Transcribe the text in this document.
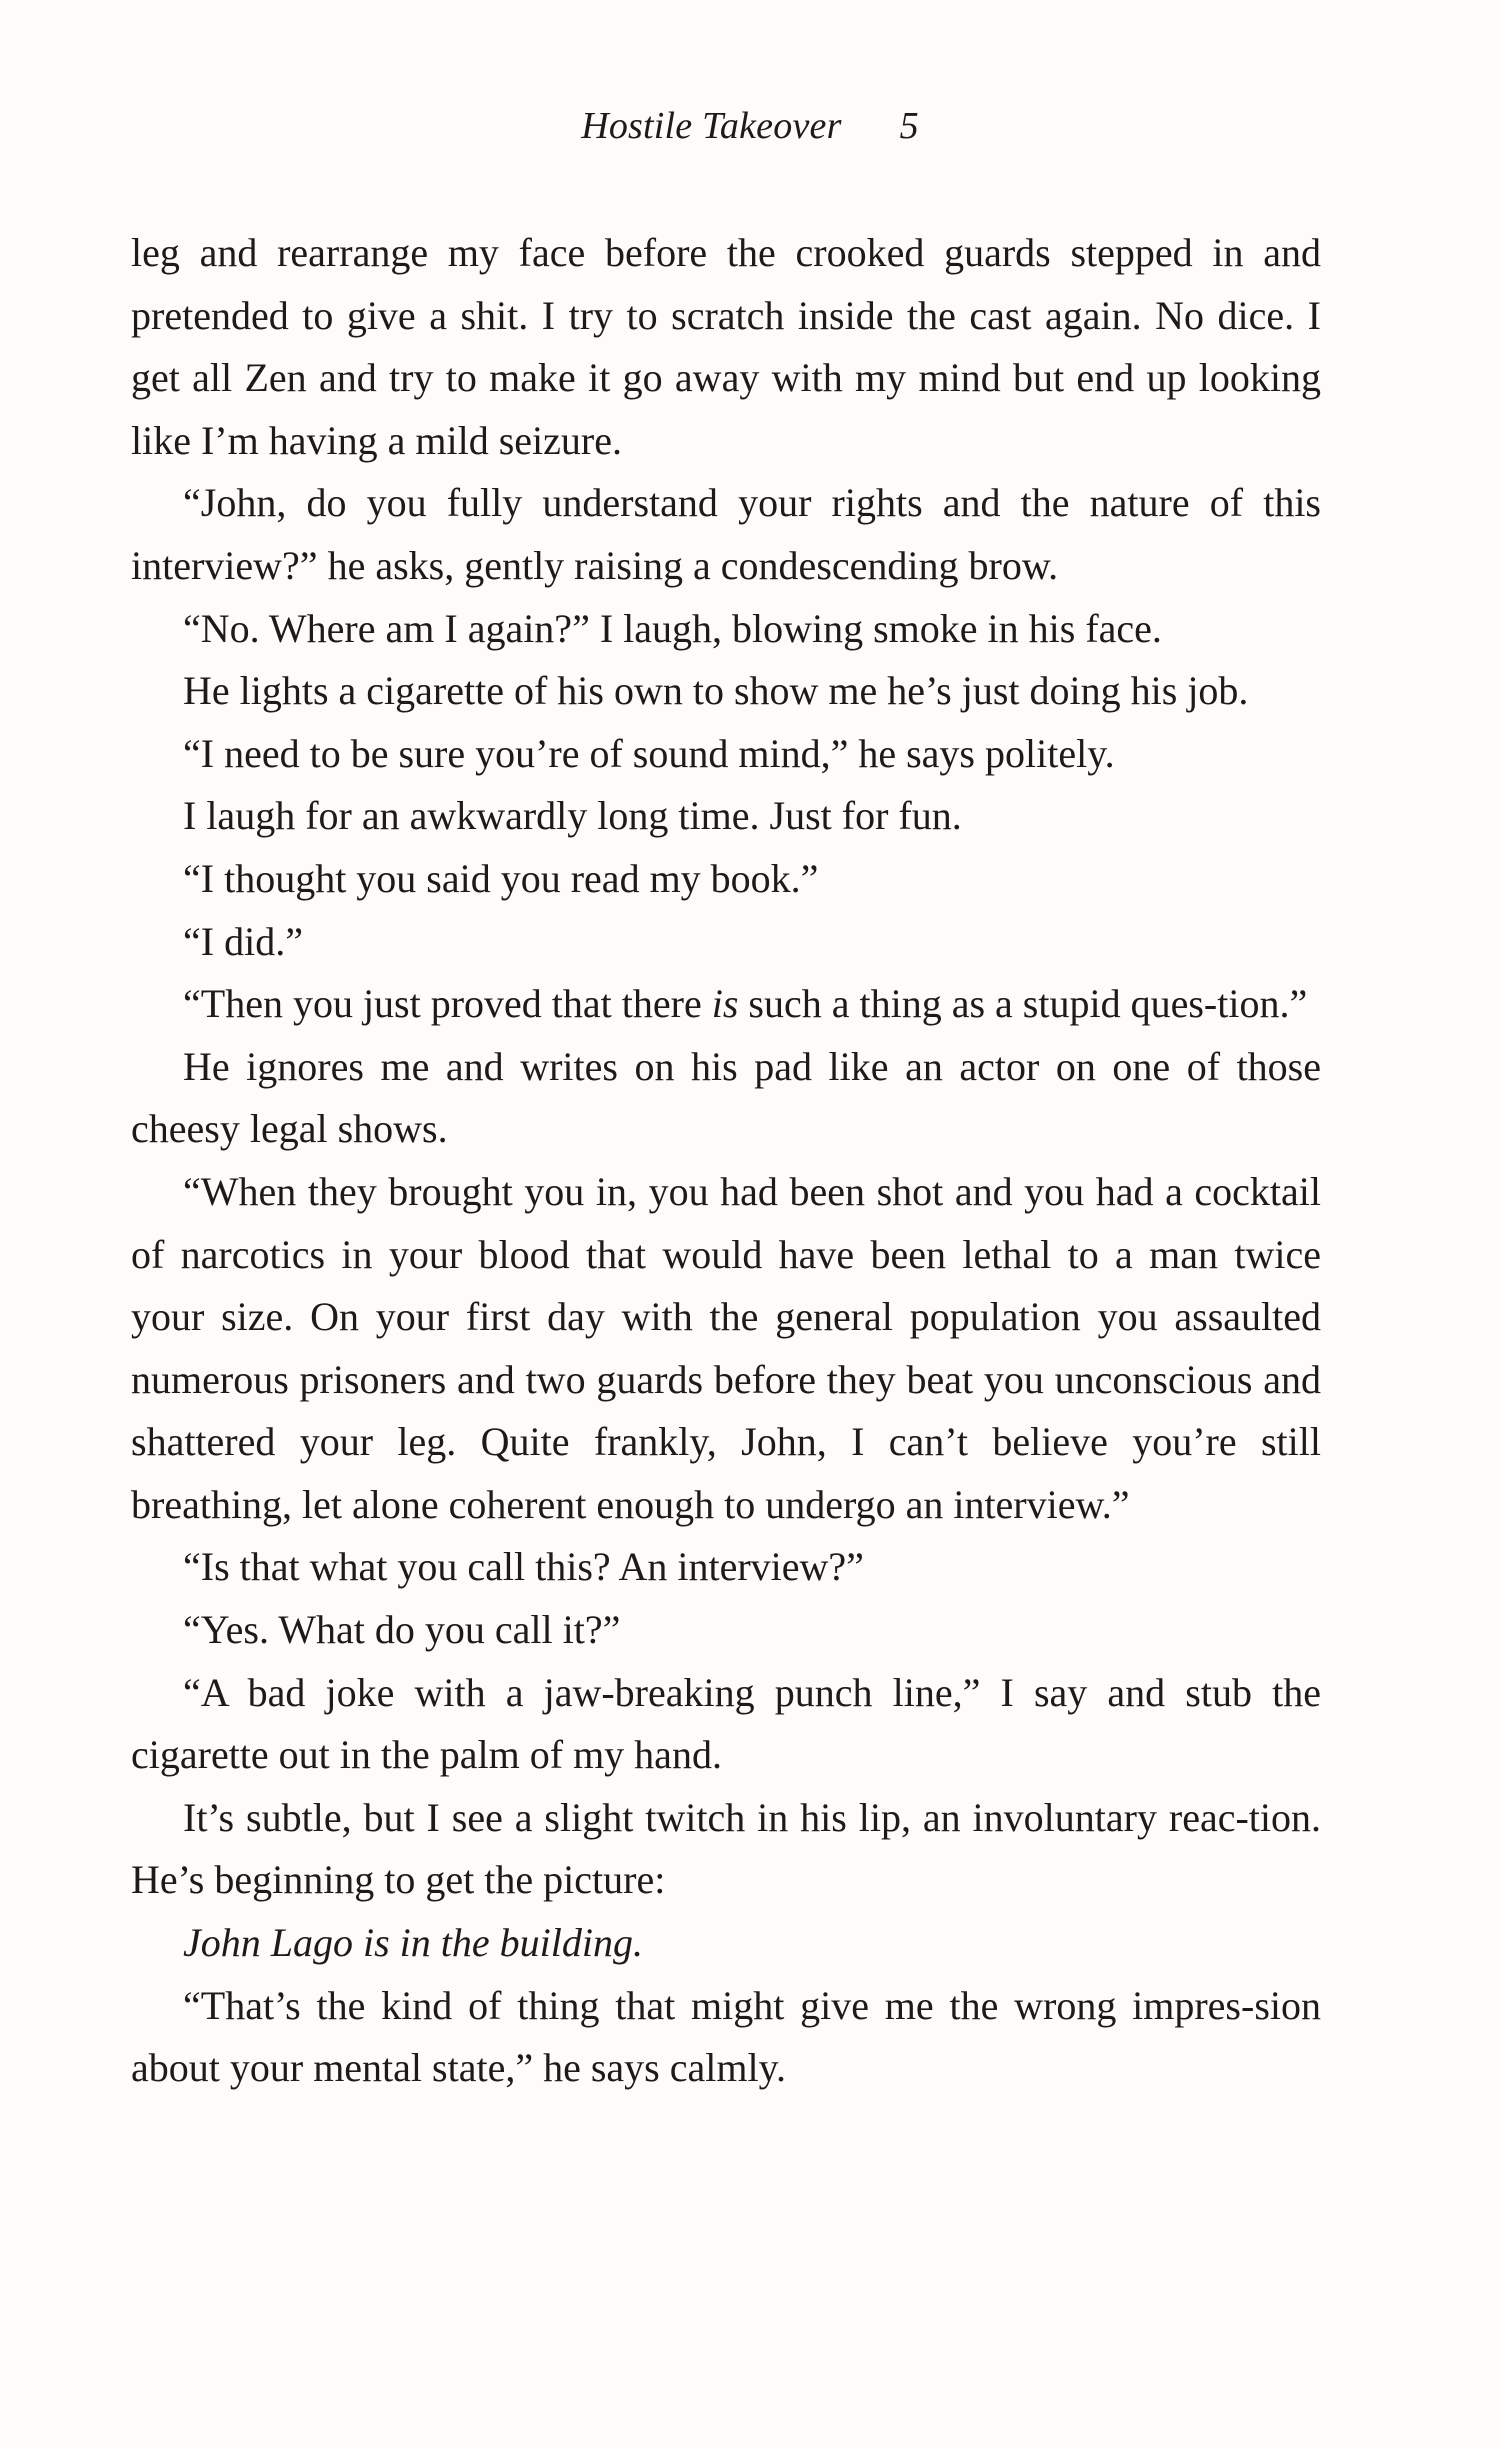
Hostile Takeover 5

leg and rearrange my face before the crooked guards stepped in and pretended to give a shit. I try to scratch inside the cast again. No dice. I get all Zen and try to make it go away with my mind but end up looking like I’m having a mild seizure.

“John, do you fully understand your rights and the nature of this interview?” he asks, gently raising a condescending brow.

“No. Where am I again?” I laugh, blowing smoke in his face.

He lights a cigarette of his own to show me he’s just doing his job.

“I need to be sure you’re of sound mind,” he says politely.

I laugh for an awkwardly long time. Just for fun.

“I thought you said you read my book.”

“I did.”

“Then you just proved that there is such a thing as a stupid ques-tion.”

He ignores me and writes on his pad like an actor on one of those cheesy legal shows.

“When they brought you in, you had been shot and you had a cocktail of narcotics in your blood that would have been lethal to a man twice your size. On your first day with the general population you assaulted numerous prisoners and two guards before they beat you unconscious and shattered your leg. Quite frankly, John, I can’t believe you’re still breathing, let alone coherent enough to undergo an interview.”

“Is that what you call this? An interview?”

“Yes. What do you call it?”

“A bad joke with a jaw-breaking punch line,” I say and stub the cigarette out in the palm of my hand.

It’s subtle, but I see a slight twitch in his lip, an involuntary reac-tion. He’s beginning to get the picture:

John Lago is in the building.

“That’s the kind of thing that might give me the wrong impres-sion about your mental state,” he says calmly.
